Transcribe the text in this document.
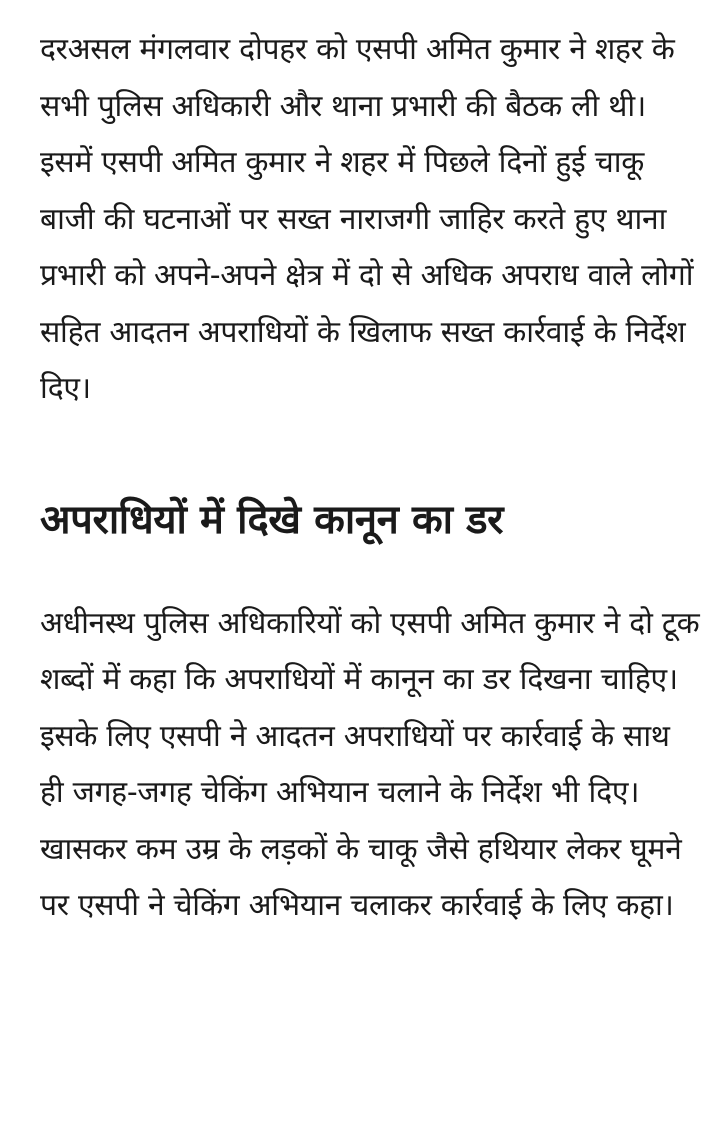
दरअसल मंगलवार दोपहर को एसपी अमित कुमार ने शहर के सभी पुलिस अधिकारी और थाना प्रभारी की बैठक ली थी। इसमें एसपी अमित कुमार ने शहर में पिछले दिनों हुई चाकू बाजी की घटनाओं पर सख्त नाराजगी जाहिर करते हुए थाना प्रभारी को अपने-अपने क्षेत्र में दो से अधिक अपराध वाले लोगों सहित आदतन अपराधियों के खिलाफ सख्त कार्रवाई के निर्देश दिए।

अपराधियों में दिखे कानून का डर

अधीनस्थ पुलिस अधिकारियों को एसपी अमित कुमार ने दो टूक शब्दों में कहा कि अपराधियों में कानून का डर दिखना चाहिए। इसके लिए एसपी ने आदतन अपराधियों पर कार्रवाई के साथ ही जगह-जगह चेकिंग अभियान चलाने के निर्देश भी दिए। खासकर कम उम्र के लड़कों के चाकू जैसे हथियार लेकर घूमने पर एसपी ने चेकिंग अभियान चलाकर कार्रवाई के लिए कहा।
